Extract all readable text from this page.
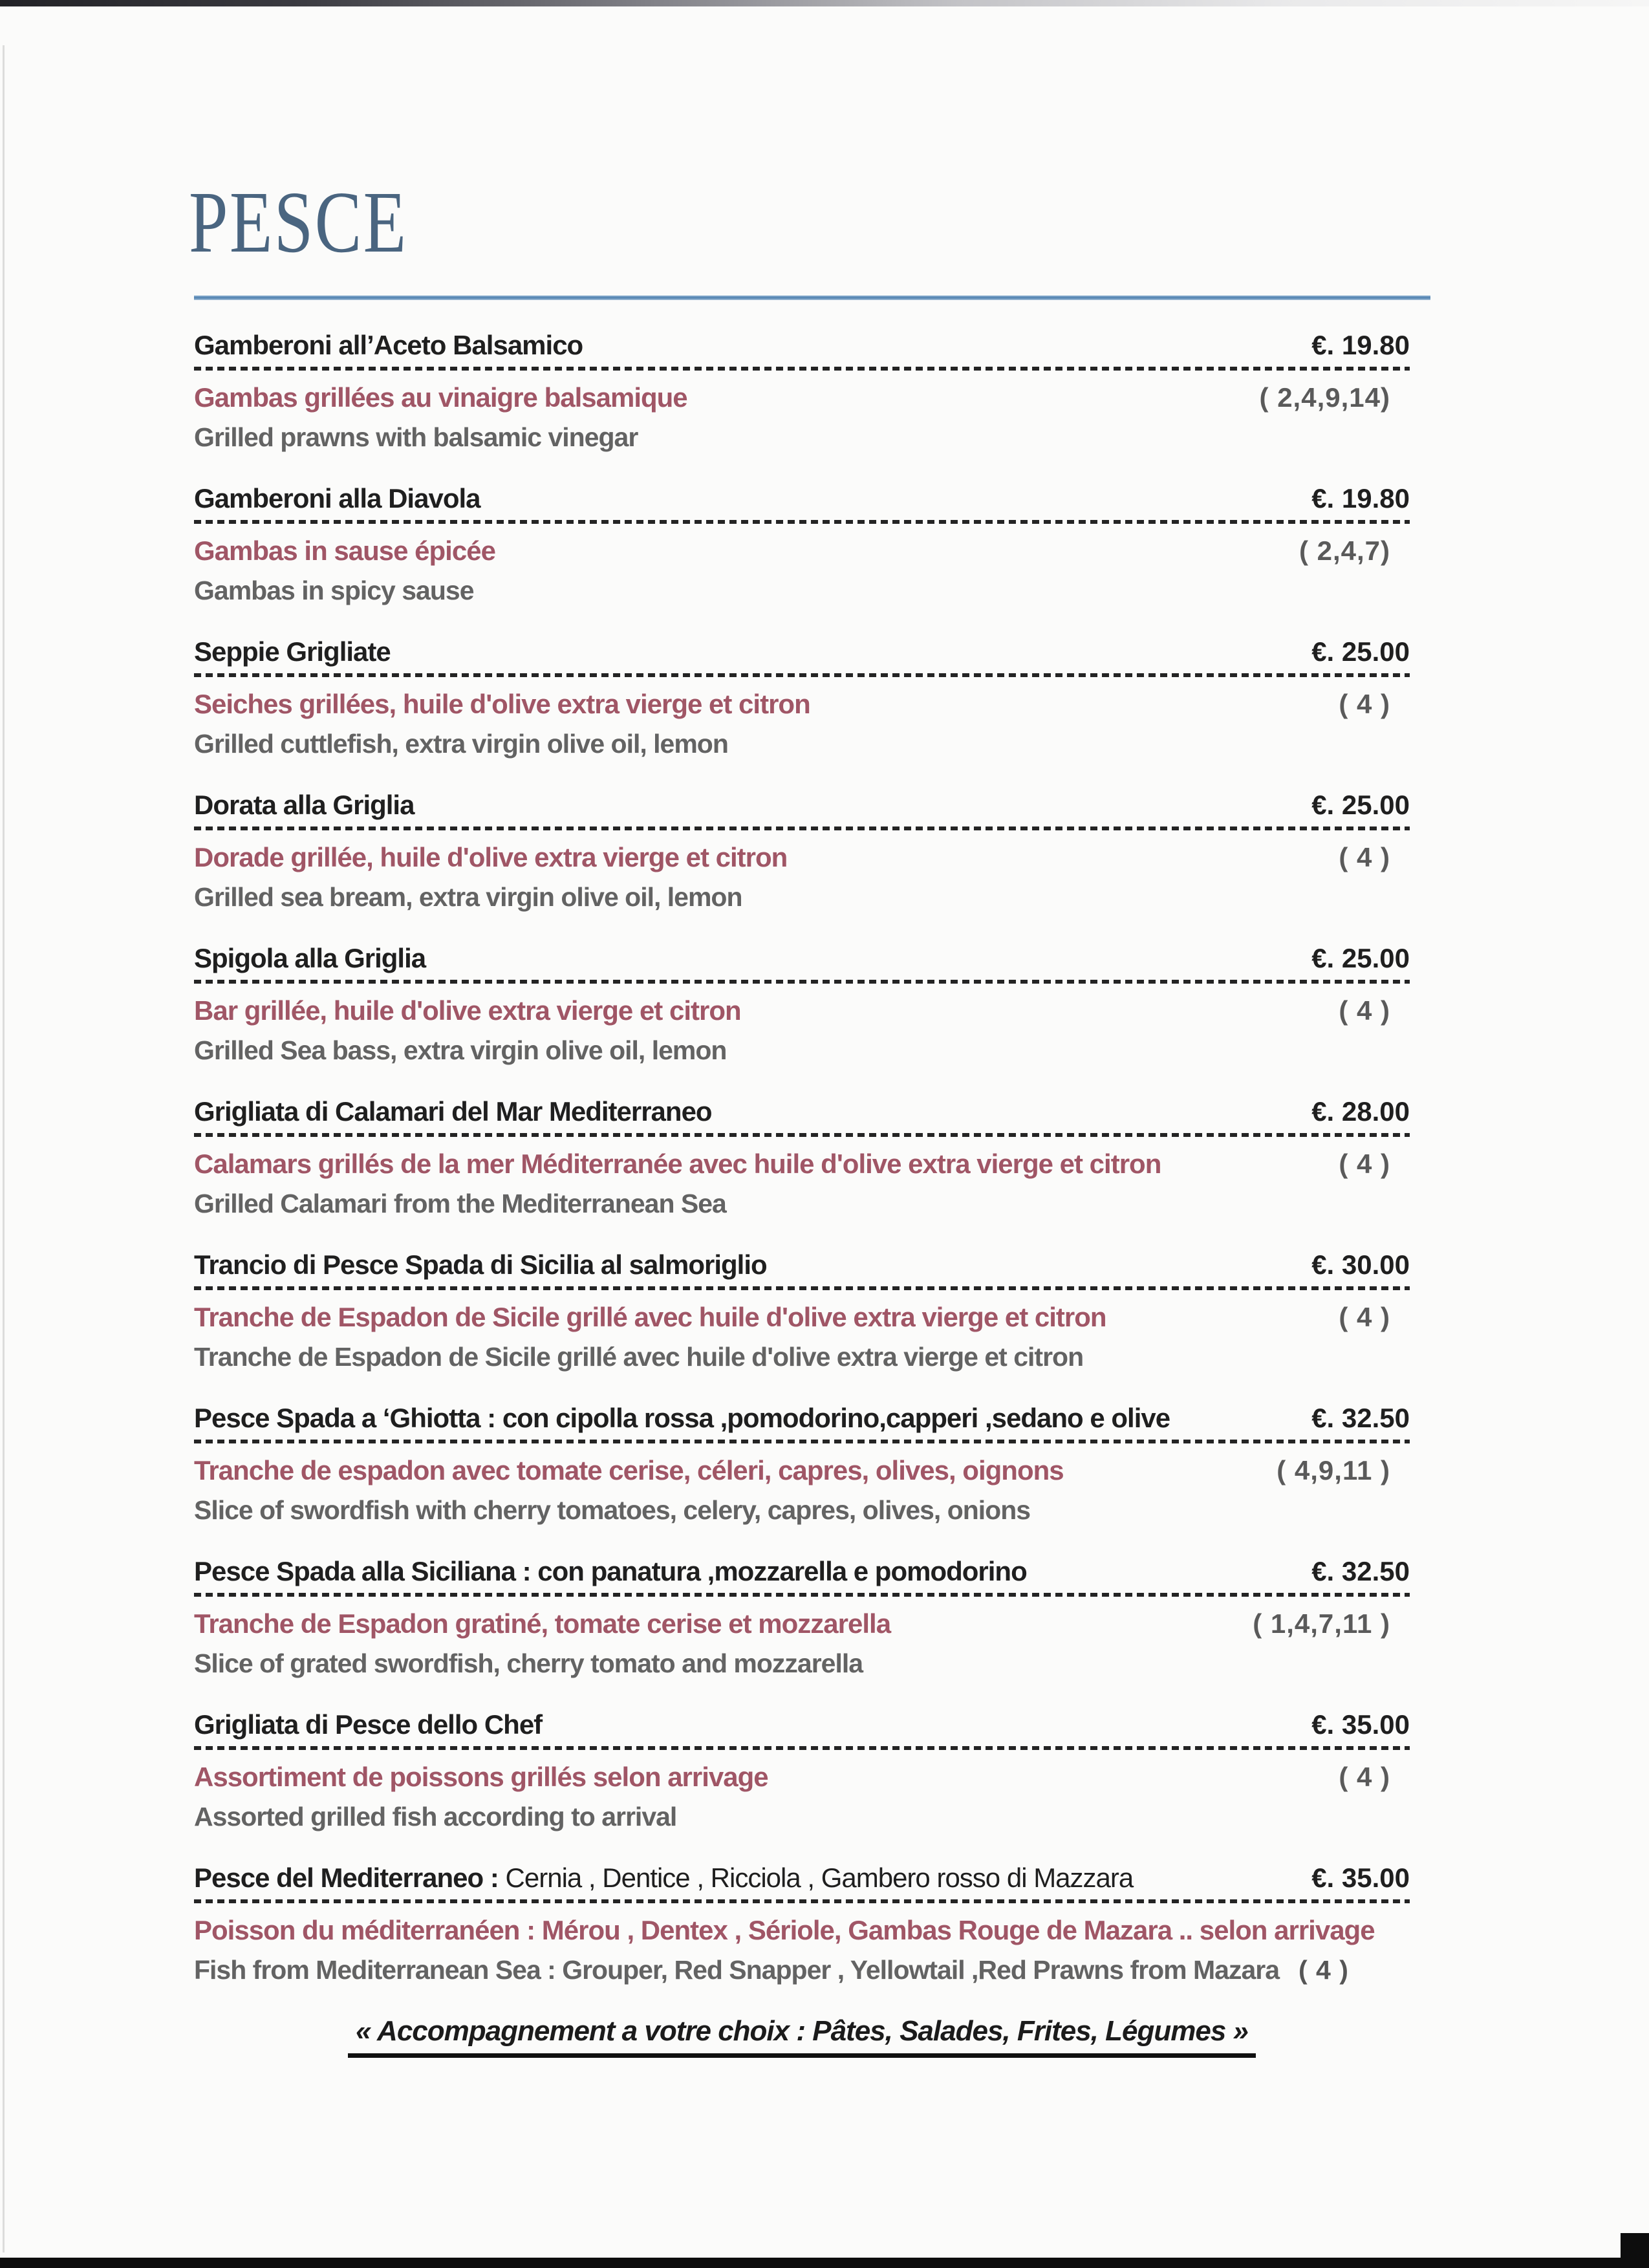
PESCE
Gamberoni all’Aceto Balsamico	€. 19.80
Gambas grillées au vinaigre balsamique	( 2,4,9,14)
Grilled prawns with balsamic vinegar
Gamberoni alla Diavola	€. 19.80
Gambas in sause épicée	( 2,4,7)
Gambas in spicy sause
Seppie Grigliate	€. 25.00
Seiches grillées, huile d'olive extra vierge et citron	( 4 )
Grilled cuttlefish, extra virgin olive oil, lemon
Dorata alla Griglia	€. 25.00
Dorade grillée, huile d'olive extra vierge et citron	( 4 )
Grilled sea bream, extra virgin olive oil, lemon
Spigola alla Griglia	€. 25.00
Bar grillée, huile d'olive extra vierge et citron	( 4 )
Grilled Sea bass, extra virgin olive oil, lemon
Grigliata di Calamari del Mar Mediterraneo	€. 28.00
Calamars grillés de la mer Méditerranée avec huile d'olive extra vierge et citron	( 4 )
Grilled Calamari from the Mediterranean Sea
Trancio di Pesce Spada di Sicilia al salmoriglio	€. 30.00
Tranche de Espadon de Sicile grillé avec huile d'olive extra vierge et citron	( 4 )
Tranche de Espadon de Sicile grillé avec huile d'olive extra vierge et citron
Pesce Spada a ‘Ghiotta : con cipolla rossa ,pomodorino,capperi ,sedano e olive	€. 32.50
Tranche de espadon avec tomate cerise, céleri, capres, olives, oignons	( 4,9,11 )
Slice of swordfish with cherry tomatoes, celery, capres, olives, onions
Pesce Spada alla Siciliana : con panatura ,mozzarella e pomodorino	€. 32.50
Tranche de Espadon gratiné, tomate cerise et mozzarella	( 1,4,7,11 )
Slice of grated swordfish, cherry tomato and mozzarella
Grigliata di Pesce dello Chef	€. 35.00
Assortiment de poissons grillés selon arrivage	( 4 )
Assorted grilled fish according to arrival
Pesce del Mediterraneo : Cernia , Dentice , Ricciola , Gambero rosso di Mazzara	€. 35.00
Poisson du méditerranéen : Mérou , Dentex , Sériole, Gambas Rouge de Mazara .. selon arrivage
Fish from Mediterranean Sea : Grouper, Red Snapper , Yellowtail ,Red Prawns from Mazara ( 4 )
« Accompagnement a votre choix : Pâtes, Salades, Frites, Légumes »
